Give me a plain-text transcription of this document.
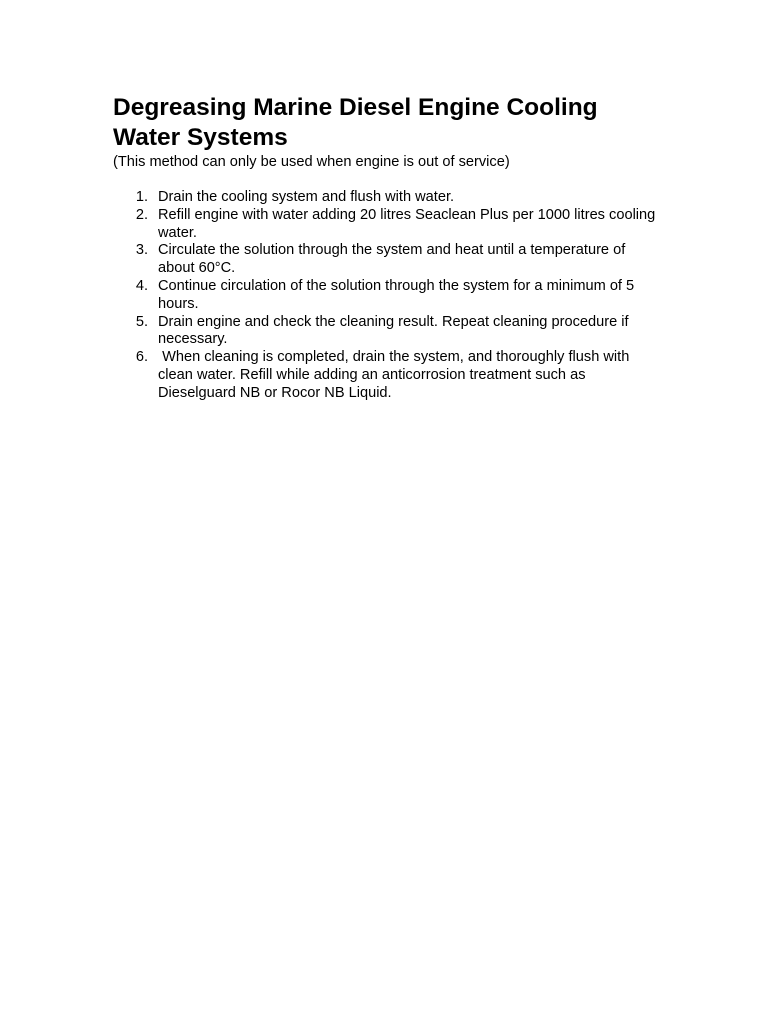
Degreasing Marine Diesel Engine Cooling Water Systems

(This method can only be used when engine is out of service)

1. Drain the cooling system and flush with water.
2. Refill engine with water adding 20 litres Seaclean Plus per 1000 litres cooling water.
3. Circulate the solution through the system and heat until a temperature of about 60°C.
4. Continue circulation of the solution through the system for a minimum of 5 hours.
5. Drain engine and check the cleaning result. Repeat cleaning procedure if necessary.
6. When cleaning is completed, drain the system, and thoroughly flush with clean water. Refill while adding an anticorrosion treatment such as Dieselguard NB or Rocor NB Liquid.
